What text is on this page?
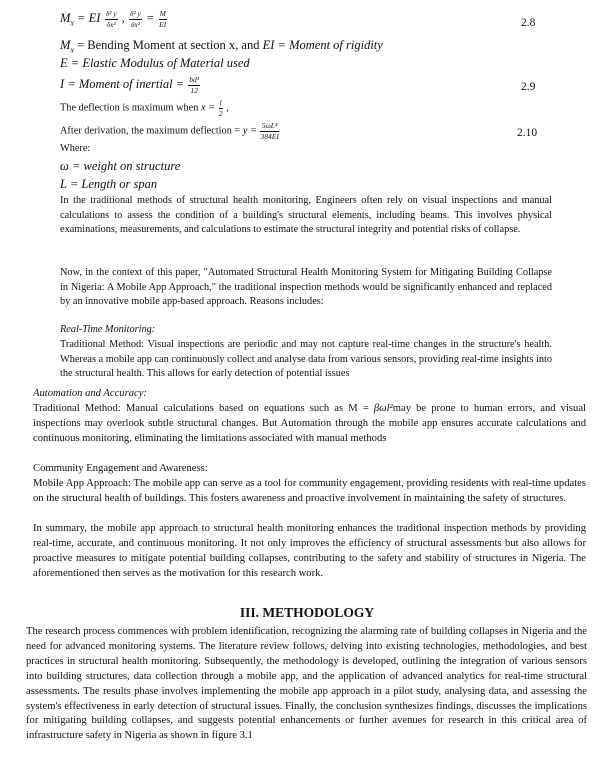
$M_x$ = EI $\frac{\text{δ² y}}{\text{δx²}}$ , $\frac{\text{δ² y}}{\text{δx²}} = \frac{M}{EI}$	2.8
$M_x$ = Bending Moment at section x, and EI = Moment of rigidity
E = Elastic Modulus of Material used
I = Moment of inertial = $\frac{\text{bd³}}{12}$	2.9
The deflection is maximum when $x = \frac{l}{2}$ ,
After derivation, the maximum deflection = $y = \frac{\text{5ωL⁴}}{384EI}$	2.10
Where:
ω = weight on structure
L = Length or span
In the traditional methods of structural health monitoring, Engineers often rely on visual inspections and manual calculations to assess the condition of a building's structural elements, including beams. This involves physical examinations, measurements, and calculations to estimate the structural integrity and potential risks of collapse.
Now, in the context of this paper, "Automated Structural Health Monitoring System for Mitigating Building Collapse in Nigeria: A Mobile App Approach," the traditional inspection methods would be significantly enhanced and replaced by an innovative mobile app-based approach. Reasons includes:
Real-Time Monitoring:
Traditional Method: Visual inspections are periodic and may not capture real-time changes in the structure's health. Whereas a mobile app can continuously collect and analyse data from various sensors, providing real-time insights into the structural health. This allows for early detection of potential issues
Automation and Accuracy:
Traditional Method: Manual calculations based on equations such as M = βωl²may be prone to human errors, and visual inspections may overlook subtle structural changes. But Automation through the mobile app ensures accurate calculations and continuous monitoring, eliminating the limitations associated with manual methods
Community Engagement and Awareness:
Mobile App Approach: The mobile app can serve as a tool for community engagement, providing residents with real-time updates on the structural health of buildings. This fosters awareness and proactive involvement in maintaining the safety of structures.
In summary, the mobile app approach to structural health monitoring enhances the traditional inspection methods by providing real-time, accurate, and continuous monitoring. It not only improves the efficiency of structural assessments but also allows for proactive measures to mitigate potential building collapses, contributing to the safety and stability of structures in Nigeria. The aforementioned then serves as the motivation for this research work.
III. METHODOLOGY
The research process commences with problem identification, recognizing the alarming rate of building collapses in Nigeria and the need for advanced monitoring systems. The literature review follows, delving into existing technologies, methodologies, and best practices in structural health monitoring. Subsequently, the methodology is developed, outlining the integration of various sensors into building structures, data collection through a mobile app, and the application of advanced analytics for real-time structural assessments. The results phase involves implementing the mobile app approach in a pilot study, analysing data, and assessing the system's effectiveness in early detection of structural issues. Finally, the conclusion synthesizes findings, discusses the implications for mitigating building collapses, and suggests potential enhancements or further avenues for research in this critical area of infrastructure safety in Nigeria as shown in figure 3.1
